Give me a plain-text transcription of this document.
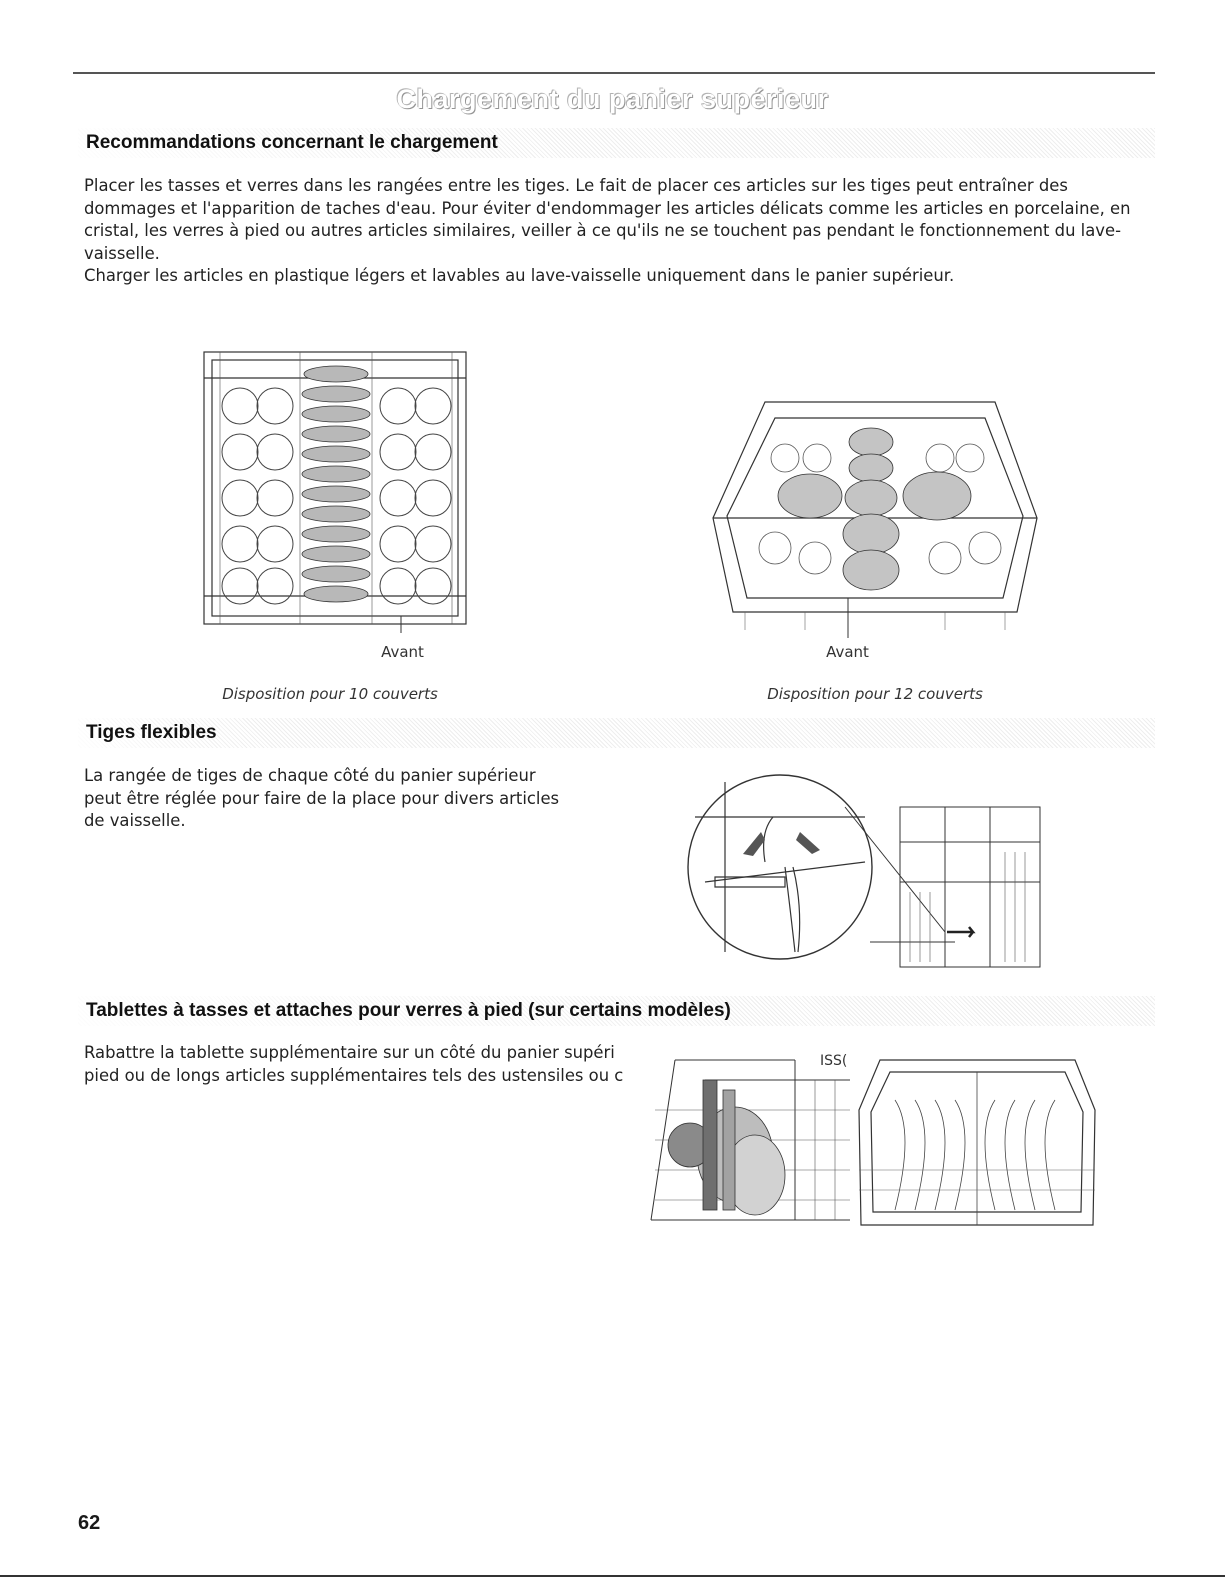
Chargement du panier supérieur
Recommandations concernant le chargement

Placer les tasses et verres dans les rangées entre les tiges. Le fait de placer ces articles sur les tiges peut entraîner des dommages et l'apparition de taches d'eau. Pour éviter d'endommager les articles délicats comme les articles en porcelaine, en cristal, les verres à pied ou autres articles similaires, veiller à ce qu'ils ne se touchent pas pendant le fonctionnement du lave-vaisselle.

Charger les articles en plastique légers et lavables au lave-vaisselle uniquement dans le panier supérieur.

Avant
Disposition pour 10 couverts
Avant
Disposition pour 12 couverts
Tiges flexibles

La rangée de tiges de chaque côté du panier supérieur peut être réglée pour faire de la place pour divers articles de vaisselle.

Tablettes à tasses et attaches pour verres à pied (sur certains modèles)

Rabattre la tablette supplémentaire sur un côté du panier supéri

pied ou de longs articles supplémentaires tels des ustensiles ou c

ISS(
62
